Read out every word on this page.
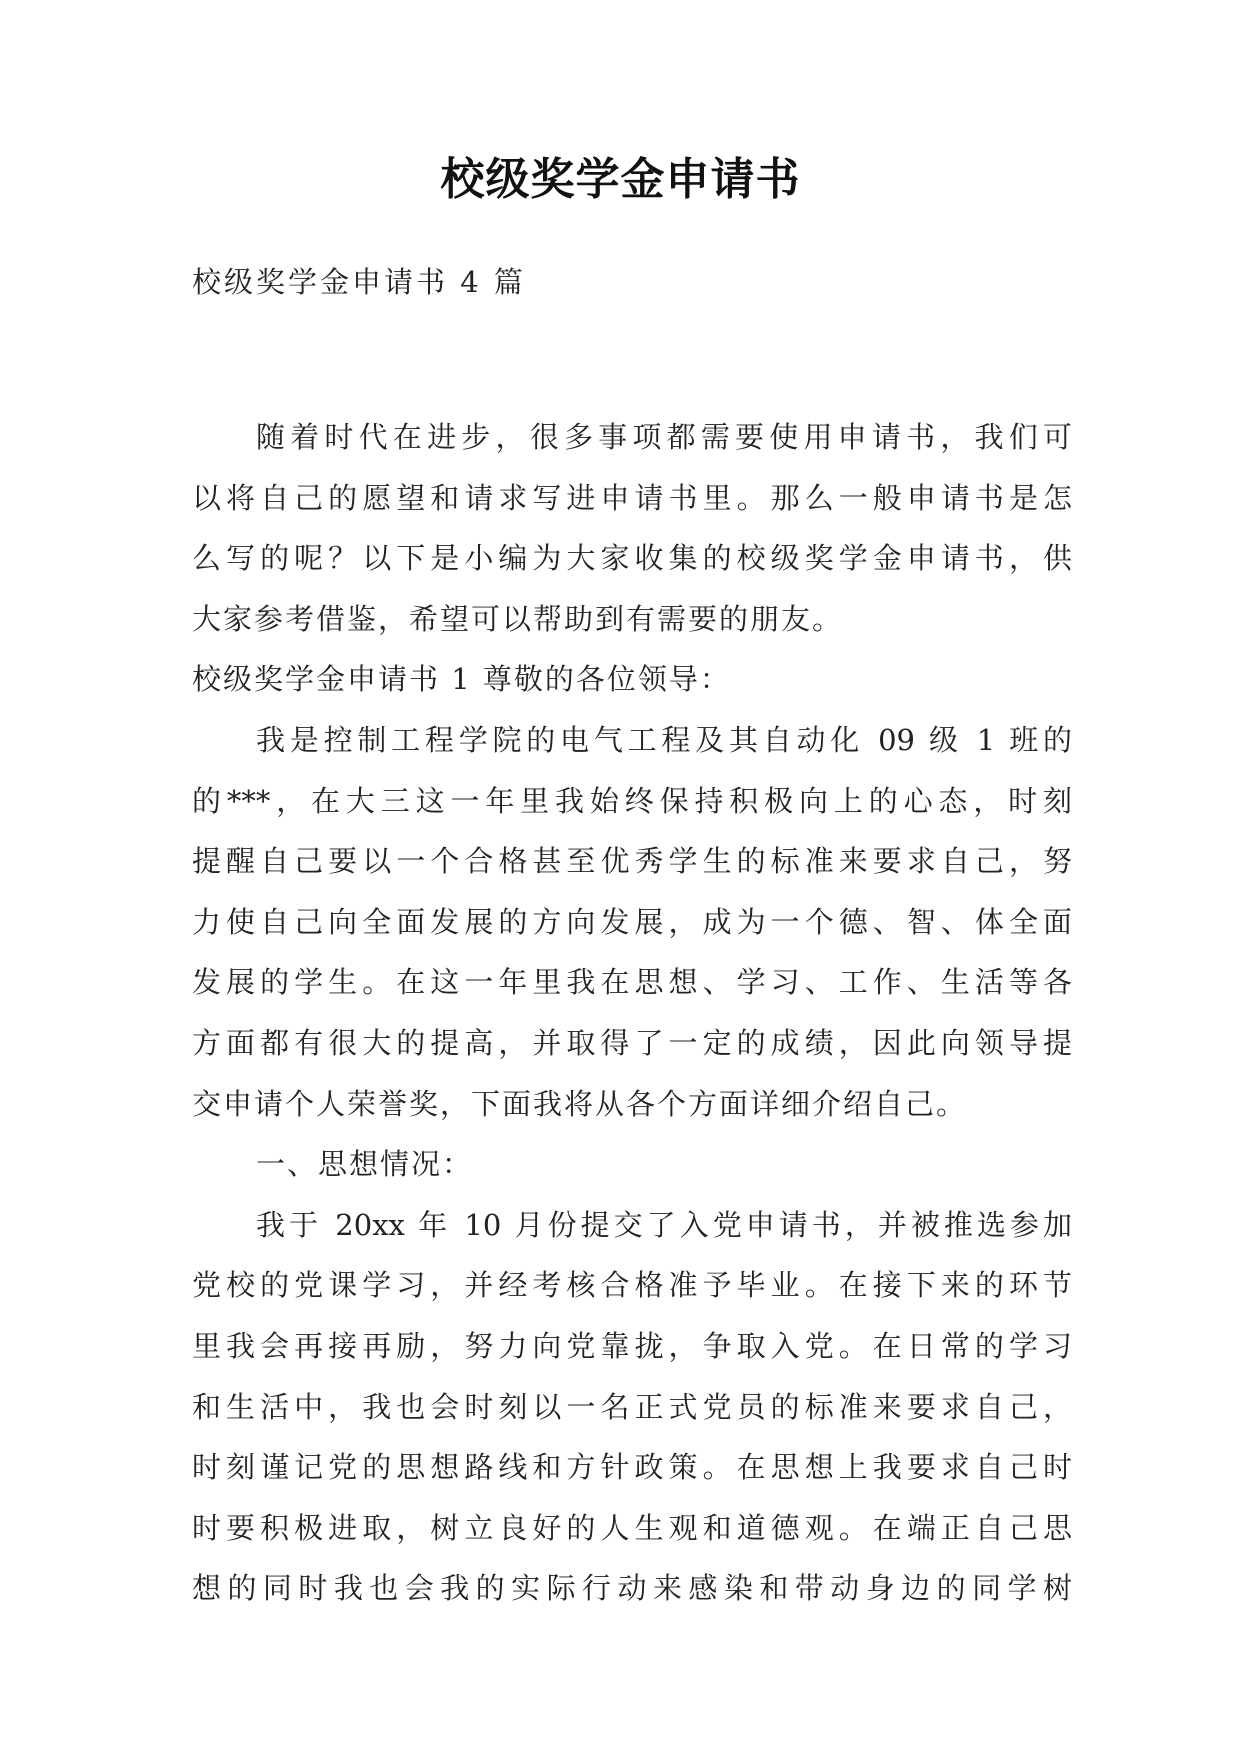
校级奖学金申请书

校级奖学金申请书 4 篇

随着时代在进步，很多事项都需要使用申请书，我们可

以将自己的愿望和请求写进申请书里。那么一般申请书是怎

么写的呢？以下是小编为大家收集的校级奖学金申请书，供

大家参考借鉴，希望可以帮助到有需要的朋友。

校级奖学金申请书 1 尊敬的各位领导：

我是控制工程学院的电气工程及其自动化 09 级 1 班的

的***，在大三这一年里我始终保持积极向上的心态，时刻

提醒自己要以一个合格甚至优秀学生的标准来要求自己，努

力使自己向全面发展的方向发展，成为一个德、智、体全面

发展的学生。在这一年里我在思想、学习、工作、生活等各

方面都有很大的提高，并取得了一定的成绩，因此向领导提

交申请个人荣誉奖，下面我将从各个方面详细介绍自己。

一、思想情况：

我于 20xx 年 10 月份提交了入党申请书，并被推选参加

党校的党课学习，并经考核合格准予毕业。在接下来的环节

里我会再接再励，努力向党靠拢，争取入党。在日常的学习

和生活中，我也会时刻以一名正式党员的标准来要求自己，

时刻谨记党的思想路线和方针政策。在思想上我要求自己时

时要积极进取，树立良好的人生观和道德观。在端正自己思

想的同时我也会我的实际行动来感染和带动身边的同学树
